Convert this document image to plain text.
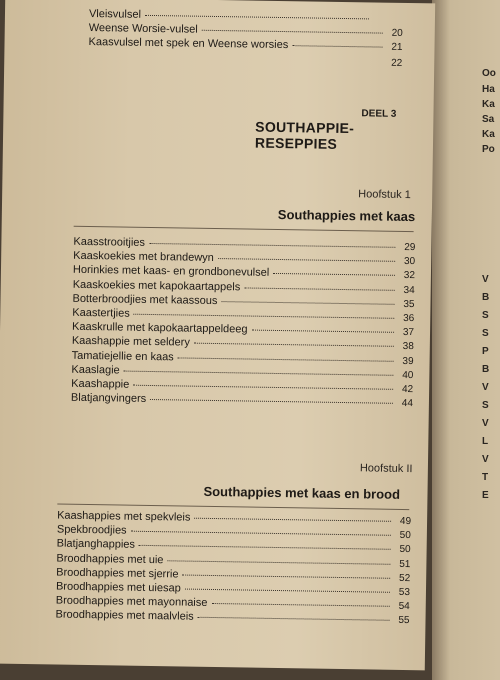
Oo
Ha
Ka
Sa
Ka
Po
V
B
S
S
P
B
V
S
V
L
V
T
E
Vleisvulsel
Weense Worsie-vulsel	20
Kaasvulsel met spek en Weense worsies	21
22
DEEL 3
SOUTHAPPIE-RESEPPIES
Hoofstuk 1
Southappies met kaas
Kaasstrooitjies	29
Kaaskoekies met brandewyn	30
Horinkies met kaas- en grondbonevulsel	32
Kaaskoekies met kapokaartappels	34
Botterbroodjies met kaassous	35
Kaastertjies	36
Kaaskrulle met kapokaartappeldeeg	37
Kaashappie met seldery	38
Tamatiejellie en kaas	39
Kaaslagie	40
Kaashappie	42
Blatjangvingers	44
Hoofstuk II
Southappies met kaas en brood
Kaashappies met spekvleis	49
Spekbroodjies	50
Blatjanghappies	50
Broodhappies met uie	51
Broodhappies met sjerrie	52
Broodhappies met uiesap	53
Broodhappies met mayonnaise	54
Broodhappies met maalvleis	55
